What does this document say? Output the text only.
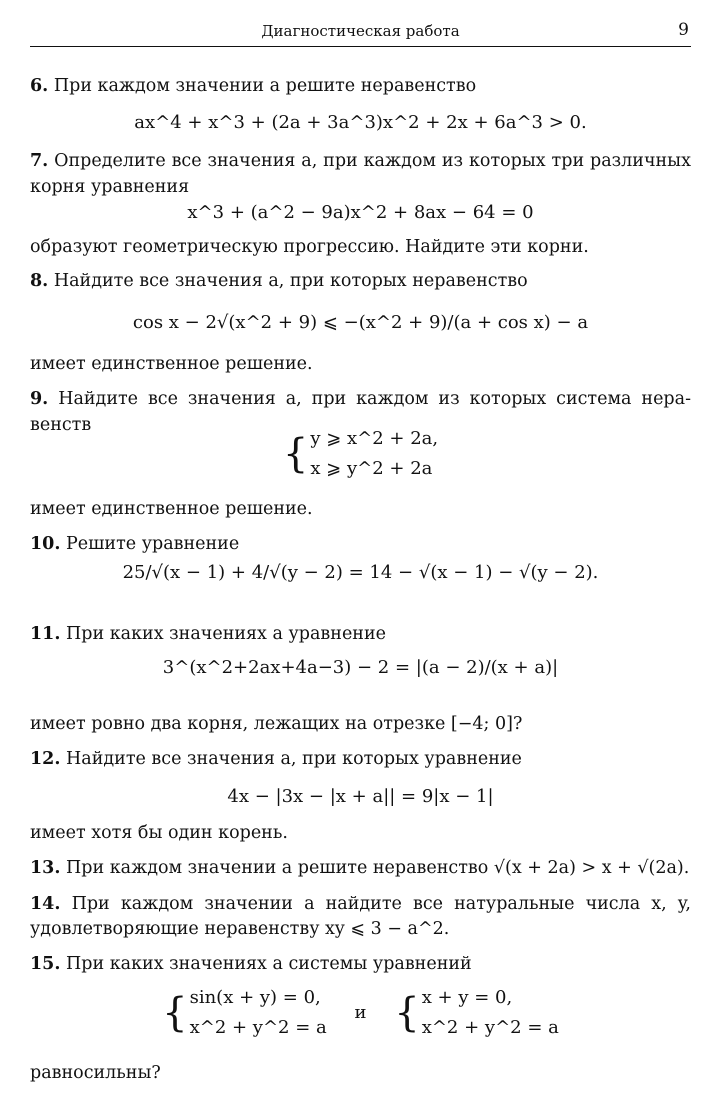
Диагностическая работа	9
6. При каждом значении a решите неравенство
ax^4 + x^3 + (2a + 3a^3)x^2 + 2x + 6a^3 > 0.
7. Определите все значения a, при каждом из которых три различных
корня уравнения
x^3 + (a^2 − 9a)x^2 + 8ax − 64 = 0
образуют геометрическую прогрессию. Найдите эти корни.
8. Найдите все значения a, при которых неравенство
cos x − 2√(x^2 + 9) ⩽ −(x^2 + 9)/(a + cos x) − a
имеет единственное решение.
9. Найдите все значения a, при каждом из которых система нера-
венств
{ y ⩾ x^2 + 2a,
x ⩾ y^2 + 2a
имеет единственное решение.
10. Решите уравнение
25/√(x − 1) + 4/√(y − 2) = 14 − √(x − 1) − √(y − 2).
11. При каких значениях a уравнение
3^(x^2+2ax+4a−3) − 2 = |(a − 2)/(x + a)|
имеет ровно два корня, лежащих на отрезке [−4; 0]?
12. Найдите все значения a, при которых уравнение
4x − |3x − |x + a|| = 9|x − 1|
имеет хотя бы один корень.
13. При каждом значении a решите неравенство √(x + 2a) > x + √(2a).
14. При каждом значении a найдите все натуральные числа x, y,
удовлетворяющие неравенству xy ⩽ 3 − a^2.
15. При каких значениях a системы уравнений
{ sin(x + y) = 0,
x^2 + y^2 = a и { x + y = 0,
x^2 + y^2 = a
равносильны?
